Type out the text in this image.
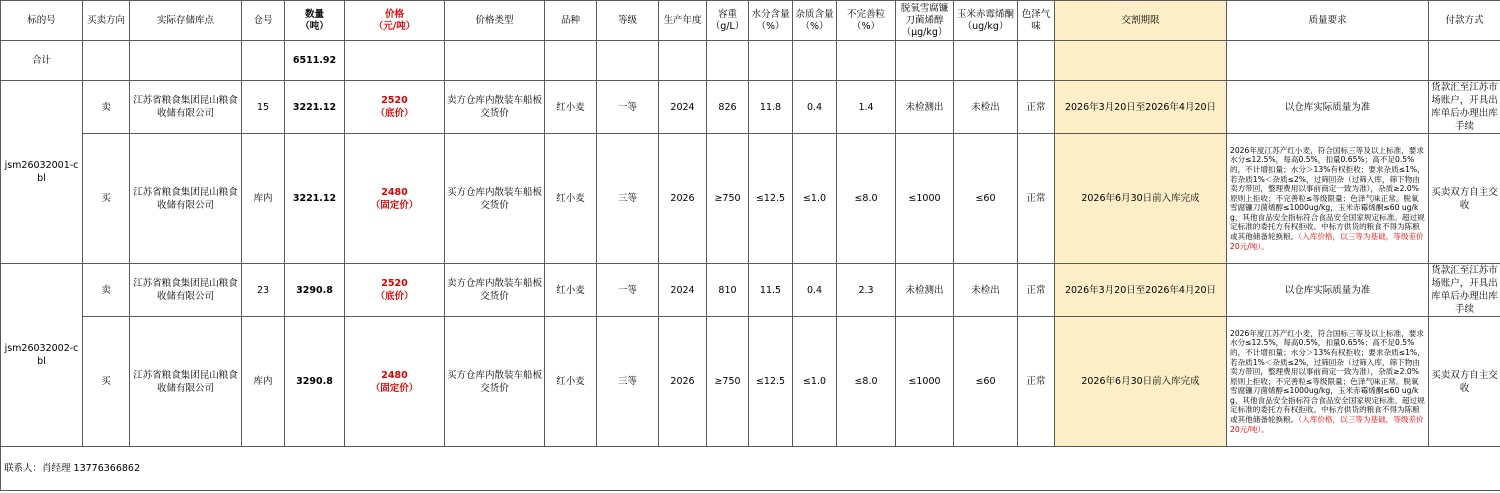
标的号	买卖方向	实际存储库点	仓号	数量
（吨）	价格
（元/吨）	价格类型	品种	等级	生产年度	容重
（g/L）	水分含量
（%）	杂质含量
（%）	不完善粒
（%）	脱氧雪腐镰
刀菌烯醇
（μg/kg）	玉米赤霉烯酮
（ug/kg）	色泽气
味	交割期限	质量要求	付款方式
合计				6511.92															
jsm26032001-cbl	卖	江苏省粮食集团昆山粮食收储有限公司	15	3221.12	2520
（底价）	卖方仓库内散装车船板交货价	红小麦	一等	2024	826	11.8	0.4	1.4	未检测出	未检出	正常	2026年3月20日至2026年4月20日	以仓库实际质量为准	货款汇至江苏市场账户，开具出库单后办理出库手续
	买	江苏省粮食集团昆山粮食收储有限公司	库内	3221.12	2480
（固定价）	买方仓库内散装车船板交货价	红小麦	三等	2026	≥750	≤12.5	≤1.0	≤8.0	≤1000	≤60	正常	2026年6月30日前入库完成	2026年度江苏产红小麦，符合国标三等及以上标准，要求水分≤12.5%，每高0.5%，扣量0.65%；高不足0.5%的，不计增扣量；水分＞13%有权拒收；要求杂质≤1%，若杂质1%＜杂质≤2%，过筛回杂（过筛入库，筛下物由卖方带回，整理费用以事前商定一致为准），杂质≥2.0%原则上拒收；不完善粒≤等级限量；色泽气味正常。脱氧雪腐镰刀菌烯醇≤1000ug/kg，玉米赤霉烯酮≤60 ug/kg，其他食品安全指标符合食品安全国家规定标准。超过规定标准的委托方有权拒收。中标方供货的粮食不得为陈粮或其他储备轮换粮。（入库价格，以三等为基础，等级差价20元/吨）。	买卖双方自主交收
jsm26032002-cbl	卖	江苏省粮食集团昆山粮食收储有限公司	23	3290.8	2520
（底价）	卖方仓库内散装车船板交货价	红小麦	一等	2024	810	11.5	0.4	2.3	未检测出	未检出	正常	2026年3月20日至2026年4月20日	以仓库实际质量为准	货款汇至江苏市场账户，开具出库单后办理出库手续
	买	江苏省粮食集团昆山粮食收储有限公司	库内	3290.8	2480
（固定价）	买方仓库内散装车船板交货价	红小麦	三等	2026	≥750	≤12.5	≤1.0	≤8.0	≤1000	≤60	正常	2026年6月30日前入库完成	2026年度江苏产红小麦，符合国标三等及以上标准，要求水分≤12.5%，每高0.5%，扣量0.65%；高不足0.5%的，不计增扣量；水分＞13%有权拒收；要求杂质≤1%，若杂质1%＜杂质≤2%，过筛回杂（过筛入库，筛下物由卖方带回，整理费用以事前商定一致为准），杂质≥2.0%原则上拒收；不完善粒≤等级限量；色泽气味正常。脱氧雪腐镰刀菌烯醇≤1000ug/kg，玉米赤霉烯酮≤60 ug/kg，其他食品安全指标符合食品安全国家规定标准。超过规定标准的委托方有权拒收。中标方供货的粮食不得为陈粮或其他储备轮换粮。（入库价格，以三等为基础，等级差价20元/吨）。	买卖双方自主交收
联系人：肖经理 13776366862																			
